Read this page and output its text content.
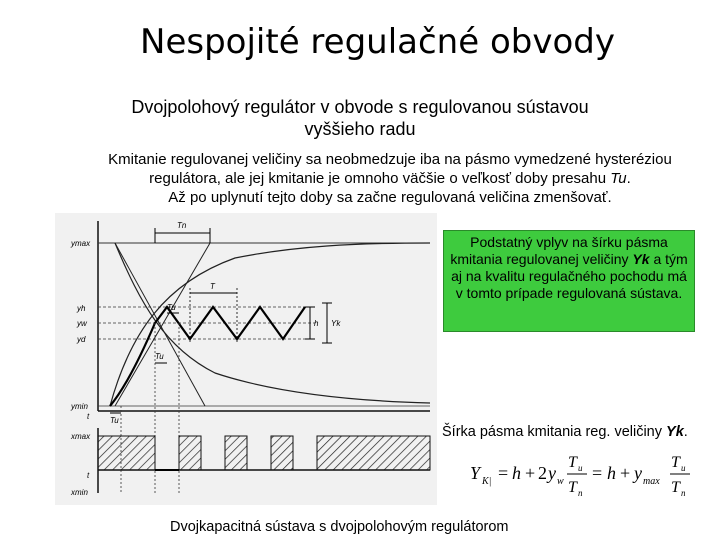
Nespojité regulačné obvody
Dvojpolohový regulátor v obvode s regulovanou sústavou vyššieho radu
Kmitanie regulovanej veličiny sa neobmedzuje iba na pásmo vymedzené hysteréziou
regulátora, ale jej kmitanie je omnoho väčšie o veľkosť doby presahu Tu.
Až po uplynutí tejto doby sa začne regulovaná veličina zmenšovať.
Podstatný vplyv na šírku pásma kmitania regulovanej veličiny Yk a tým aj na kvalitu regulačného pochodu má v tomto prípade regulovaná sústava.
Šírka pásma kmitania reg. veličiny Yk.
Y K| = h + 2 y w
T u
T n
= h + y max
T u
T n
ymax
yh
yw
yd
ymin
xmax
xmin
t
t
Tn
T
Tu
Tu
Tu
h Yk
Dvojkapacitná sústava s dvojpolohovým regulátorom
